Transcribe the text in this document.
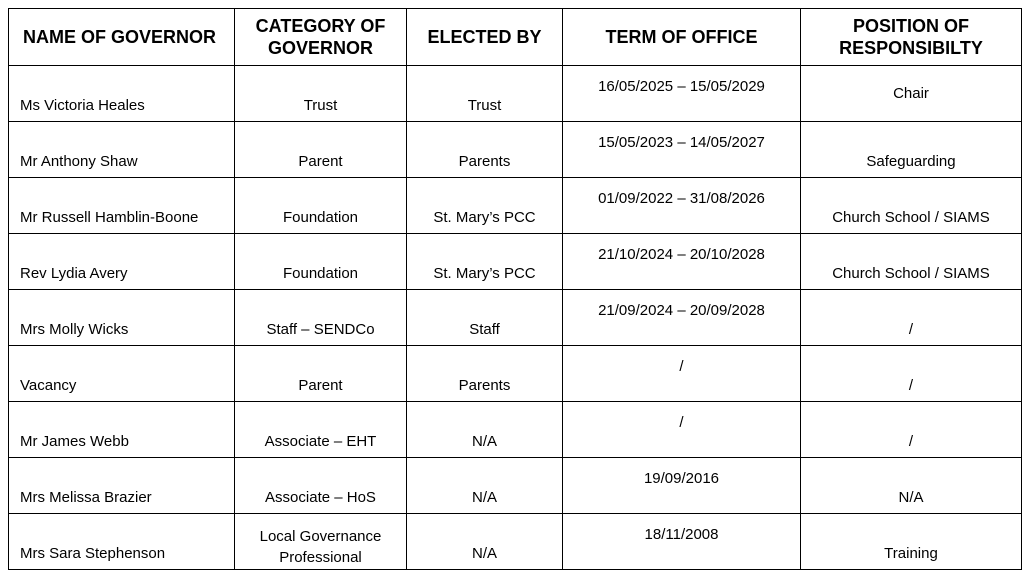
NAME OF GOVERNOR	CATEGORY OF GOVERNOR	ELECTED BY	TERM OF OFFICE	POSITION OF RESPONSIBILTY
Ms Victoria Heales	Trust	Trust	16/05/2025 – 15/05/2029	Chair
Mr Anthony Shaw	Parent	Parents	15/05/2023 – 14/05/2027	Safeguarding
Mr Russell Hamblin-Boone	Foundation	St. Mary’s PCC	01/09/2022 – 31/08/2026	Church School / SIAMS
Rev Lydia Avery	Foundation	St. Mary’s PCC	21/10/2024 – 20/10/2028	Church School / SIAMS
Mrs Molly Wicks	Staff – SENDCo	Staff	21/09/2024 – 20/09/2028	/
Vacancy	Parent	Parents	/	/
Mr James Webb	Associate – EHT	N/A	/	/
Mrs Melissa Brazier	Associate – HoS	N/A	19/09/2016	N/A
Mrs Sara Stephenson	Local Governance Professional	N/A	18/11/2008	Training
